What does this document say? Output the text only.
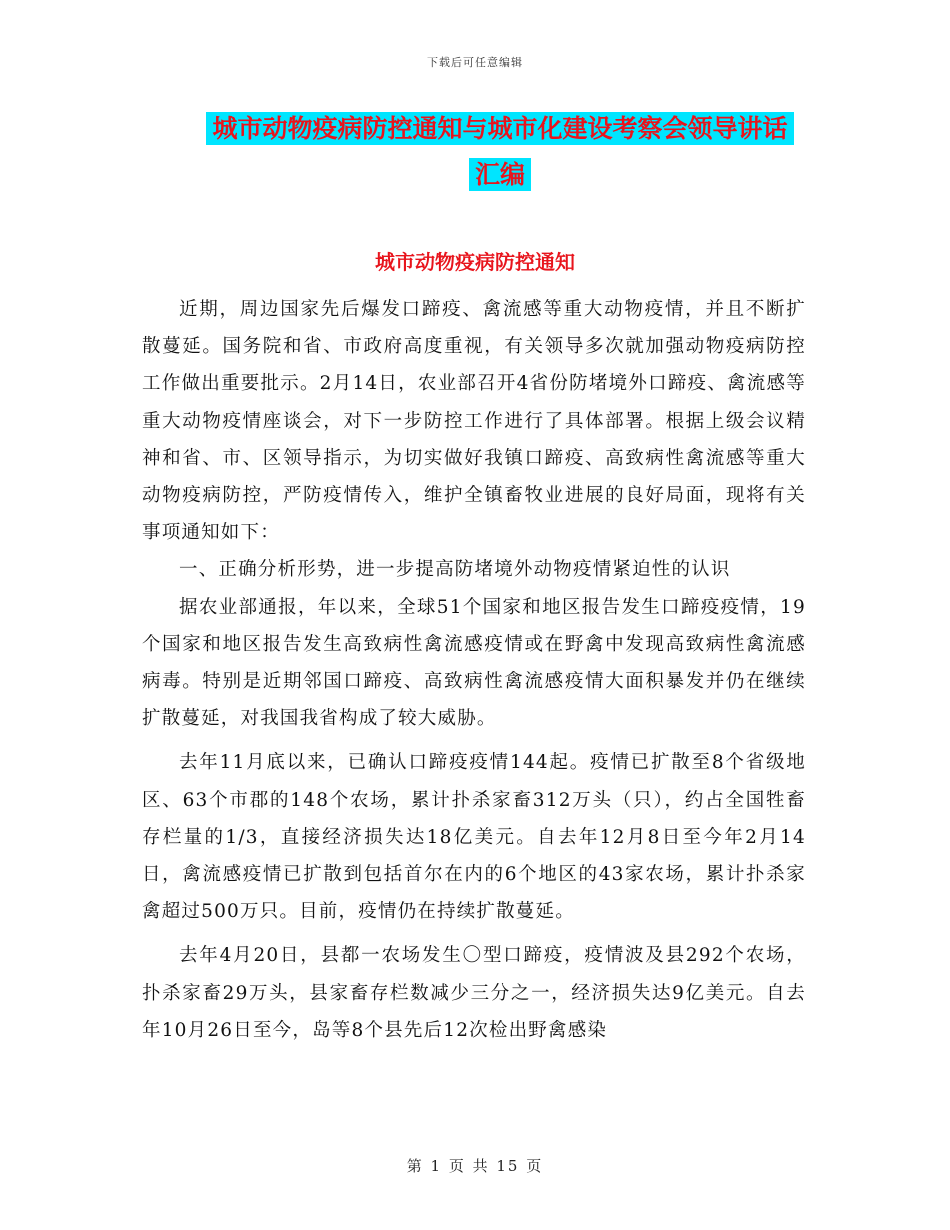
下载后可任意编辑
城市动物疫病防控通知与城市化建设考察会领导讲话
汇编
城市动物疫病防控通知

近期，周边国家先后爆发口蹄疫、禽流感等重大动物疫情，并且不断扩散蔓延。国务院和省、市政府高度重视，有关领导多次就加强动物疫病防控工作做出重要批示。2月14日，农业部召开4省份防堵境外口蹄疫、禽流感等重大动物疫情座谈会，对下一步防控工作进行了具体部署。根据上级会议精神和省、市、区领导指示，为切实做好我镇口蹄疫、高致病性禽流感等重大动物疫病防控，严防疫情传入，维护全镇畜牧业进展的良好局面，现将有关事项通知如下：

一、正确分析形势，进一步提高防堵境外动物疫情紧迫性的认识

据农业部通报，年以来，全球51个国家和地区报告发生口蹄疫疫情，19个国家和地区报告发生高致病性禽流感疫情或在野禽中发现高致病性禽流感病毒。特别是近期邻国口蹄疫、高致病性禽流感疫情大面积暴发并仍在继续扩散蔓延，对我国我省构成了较大威胁。

去年11月底以来，已确认口蹄疫疫情144起。疫情已扩散至8个省级地区、63个市郡的148个农场，累计扑杀家畜312万头（只），约占全国牲畜存栏量的1/3，直接经济损失达18亿美元。自去年12月8日至今年2月14日，禽流感疫情已扩散到包括首尔在内的6个地区的43家农场，累计扑杀家禽超过500万只。目前，疫情仍在持续扩散蔓延。

去年4月20日，县都一农场发生〇型口蹄疫，疫情波及县292个农场，扑杀家畜29万头，县家畜存栏数减少三分之一，经济损失达9亿美元。自去年10月26日至今，岛等8个县先后12次检出野禽感染

第 1 页 共 15 页
